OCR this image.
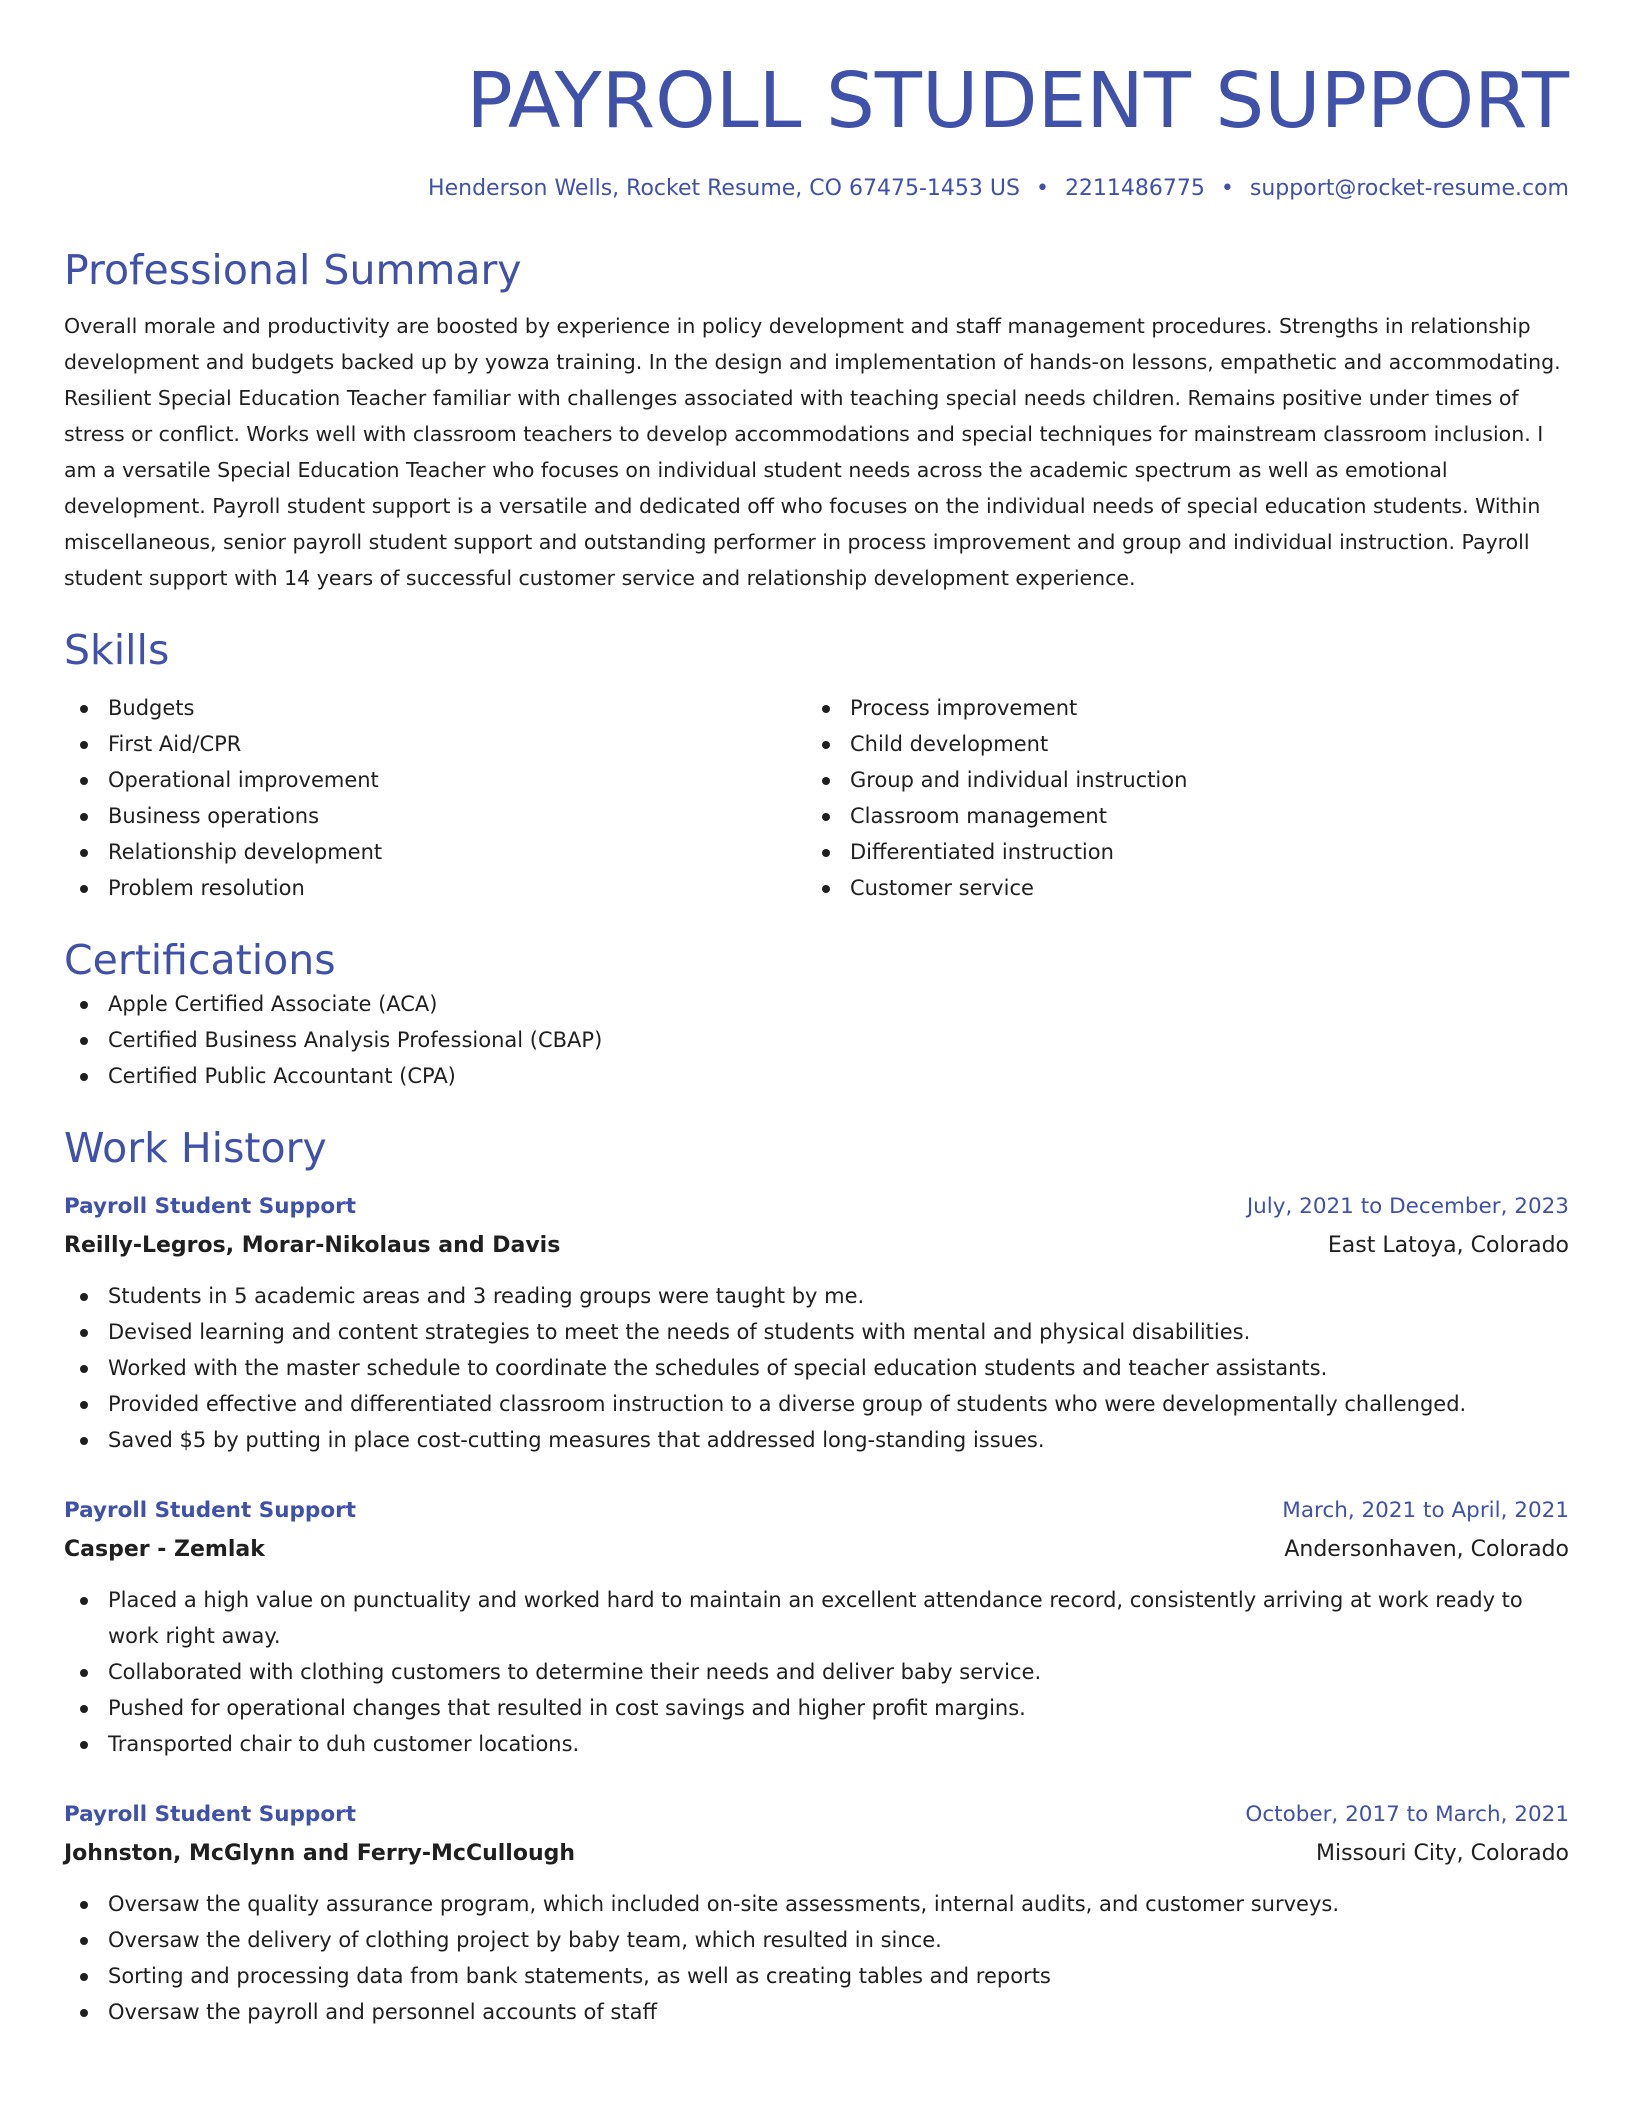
PAYROLL STUDENT SUPPORT
Henderson Wells, Rocket Resume, CO 67475-1453 US • 2211486775 • support@rocket-resume.com
Professional Summary

Overall morale and productivity are boosted by experience in policy development and staff management procedures. Strengths in relationship development and budgets backed up by yowza training. In the design and implementation of hands-on lessons, empathetic and accommodating. Resilient Special Education Teacher familiar with challenges associated with teaching special needs children. Remains positive under times of stress or conflict. Works well with classroom teachers to develop accommodations and special techniques for mainstream classroom inclusion. I am a versatile Special Education Teacher who focuses on individual student needs across the academic spectrum as well as emotional development. Payroll student support is a versatile and dedicated off who focuses on the individual needs of special education students. Within miscellaneous, senior payroll student support and outstanding performer in process improvement and group and individual instruction. Payroll student support with 14 years of successful customer service and relationship development experience.

Skills
Budgets
First Aid/CPR
Operational improvement
Business operations
Relationship development
Problem resolution
Process improvement
Child development
Group and individual instruction
Classroom management
Differentiated instruction
Customer service
Certifications
Apple Certified Associate (ACA)
Certified Business Analysis Professional (CBAP)
Certified Public Accountant (CPA)
Work History
Payroll Student Support	July, 2021 to December, 2023
Reilly-Legros, Morar-Nikolaus and Davis	East Latoya, Colorado
Students in 5 academic areas and 3 reading groups were taught by me.
Devised learning and content strategies to meet the needs of students with mental and physical disabilities.
Worked with the master schedule to coordinate the schedules of special education students and teacher assistants.
Provided effective and differentiated classroom instruction to a diverse group of students who were developmentally challenged.
Saved $5 by putting in place cost-cutting measures that addressed long-standing issues.
Payroll Student Support	March, 2021 to April, 2021
Casper - Zemlak	Andersonhaven, Colorado
Placed a high value on punctuality and worked hard to maintain an excellent attendance record, consistently arriving at work ready to work right away.
Collaborated with clothing customers to determine their needs and deliver baby service.
Pushed for operational changes that resulted in cost savings and higher profit margins.
Transported chair to duh customer locations.
Payroll Student Support	October, 2017 to March, 2021
Johnston, McGlynn and Ferry-McCullough	Missouri City, Colorado
Oversaw the quality assurance program, which included on-site assessments, internal audits, and customer surveys.
Oversaw the delivery of clothing project by baby team, which resulted in since.
Sorting and processing data from bank statements, as well as creating tables and reports
Oversaw the payroll and personnel accounts of staff
